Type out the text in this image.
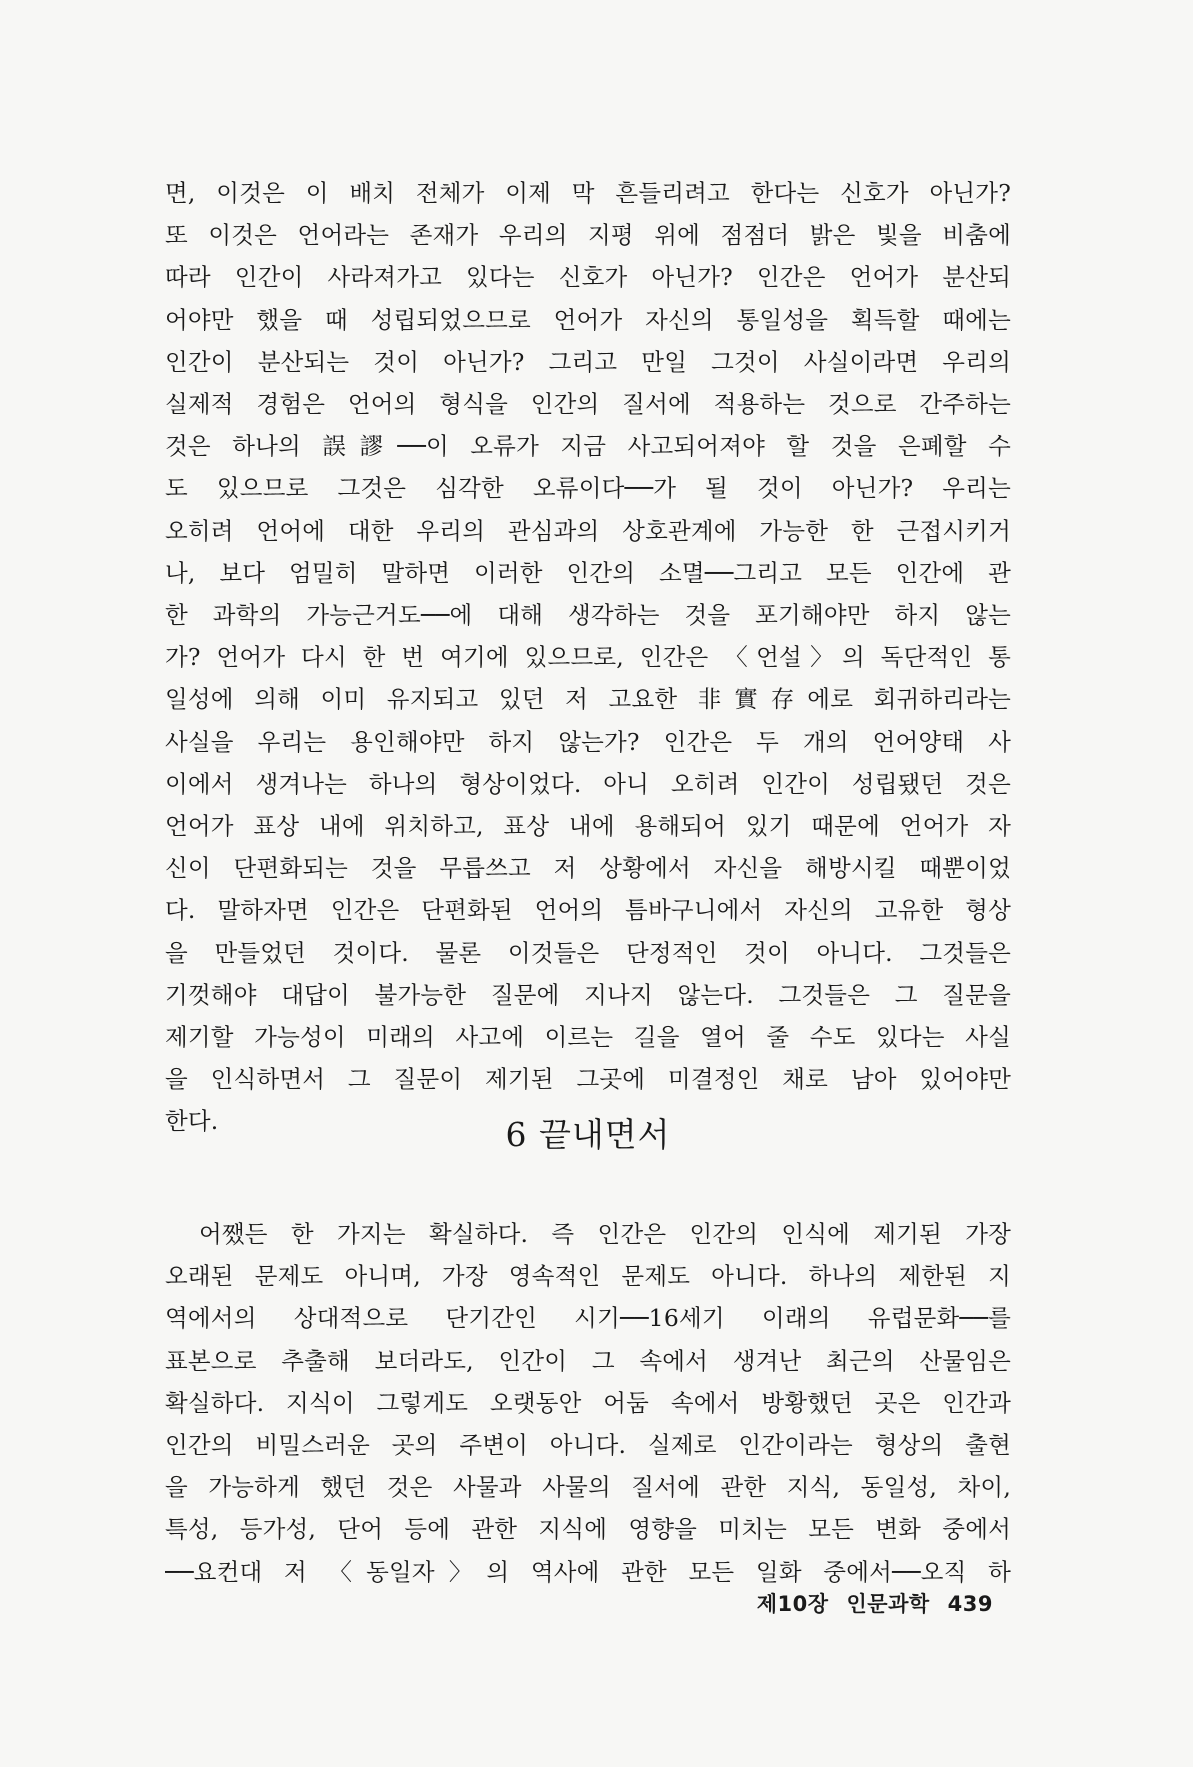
면, 이것은 이 배치 전체가 이제 막 흔들리려고 한다는 신호가 아닌가?
또 이것은 언어라는 존재가 우리의 지평 위에 점점더 밝은 빛을 비춤에
따라 인간이 사라져가고 있다는 신호가 아닌가? 인간은 언어가 분산되
어야만 했을 때 성립되었으므로 언어가 자신의 통일성을 획득할 때에는
인간이 분산되는 것이 아닌가? 그리고 만일 그것이 사실이라면 우리의
실제적 경험은 언어의 형식을 인간의 질서에 적용하는 것으로 간주하는
것은 하나의 誤謬──이 오류가 지금 사고되어져야 할 것을 은폐할 수
도 있으므로 그것은 심각한 오류이다──가 될 것이 아닌가? 우리는
오히려 언어에 대한 우리의 관심과의 상호관계에 가능한 한 근접시키거
나, 보다 엄밀히 말하면 이러한 인간의 소멸──그리고 모든 인간에 관
한 과학의 가능근거도──에 대해 생각하는 것을 포기해야만 하지 않는
가? 언어가 다시 한 번 여기에 있으므로, 인간은 〈언설〉의 독단적인 통
일성에 의해 이미 유지되고 있던 저 고요한 非實存에로 회귀하리라는
사실을 우리는 용인해야만 하지 않는가? 인간은 두 개의 언어양태 사
이에서 생겨나는 하나의 형상이었다. 아니 오히려 인간이 성립됐던 것은
언어가 표상 내에 위치하고, 표상 내에 용해되어 있기 때문에 언어가 자
신이 단편화되는 것을 무릅쓰고 저 상황에서 자신을 해방시킬 때뿐이었
다. 말하자면 인간은 단편화된 언어의 틈바구니에서 자신의 고유한 형상
을 만들었던 것이다. 물론 이것들은 단정적인 것이 아니다. 그것들은
기껏해야 대답이 불가능한 질문에 지나지 않는다. 그것들은 그 질문을
제기할 가능성이 미래의 사고에 이르는 길을 열어 줄 수도 있다는 사실
을 인식하면서 그 질문이 제기된 그곳에 미결정인 채로 남아 있어야만
한다.	6 끝내면서
어쨌든 한 가지는 확실하다. 즉 인간은 인간의 인식에 제기된 가장
오래된 문제도 아니며, 가장 영속적인 문제도 아니다. 하나의 제한된 지
역에서의 상대적으로 단기간인 시기──16세기 이래의 유럽문화──를
표본으로 추출해 보더라도, 인간이 그 속에서 생겨난 최근의 산물임은
확실하다. 지식이 그렇게도 오랫동안 어둠 속에서 방황했던 곳은 인간과
인간의 비밀스러운 곳의 주변이 아니다. 실제로 인간이라는 형상의 출현
을 가능하게 했던 것은 사물과 사물의 질서에 관한 지식, 동일성, 차이,
특성, 등가성, 단어 등에 관한 지식에 영향을 미치는 모든 변화 중에서
──요컨대 저 〈동일자〉의 역사에 관한 모든 일화 중에서──오직 하
제10장 인문과학 439
